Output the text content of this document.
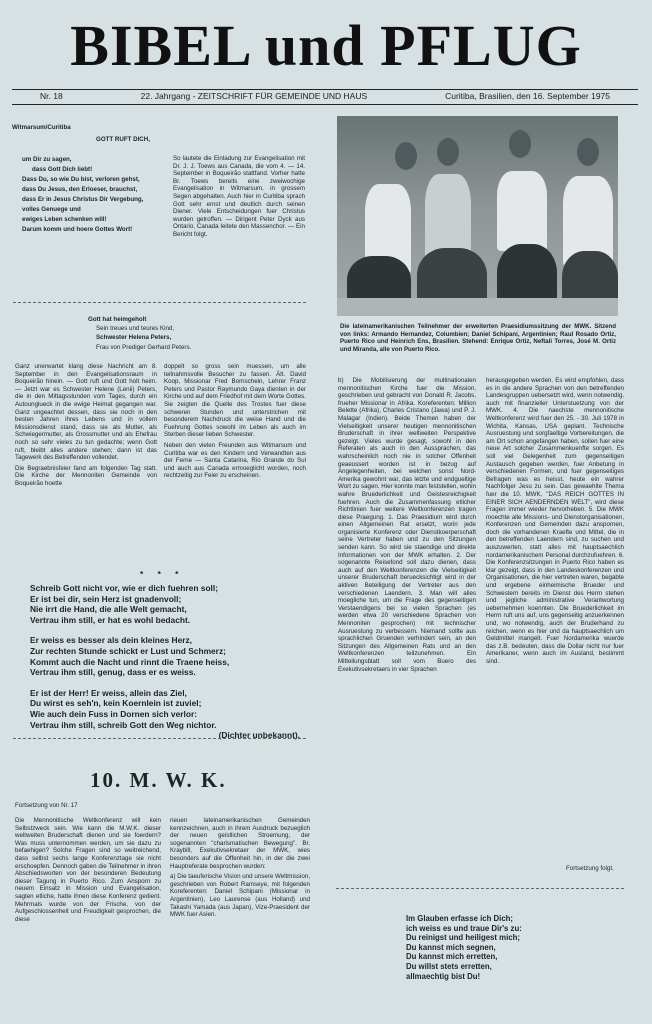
BIBEL und PFLUG
Nr. 18	22. Jahrgang - ZEITSCHRIFT FÜR GEMEINDE UND HAUS	Curitiba, Brasilien, den 16. September 1975
Witmarsum/Curitiba
GOTT RUFT DICH,
um Dir zu sagen,
dass Gott Dich liebt!
Dass Du, so wie Du bist, verloren gehst,
dass Du Jesus, den Erloeser, brauchst,
dass Er in Jesus Christus Dir Vergebung,
volles Genuege und
ewiges Leben schenken will!
Darum komm und hoere Gottes Wort!
So lautete die Einladung zur Evangelisation mit Dr. J. J. Toews aus Canada, die vom 4. — 14. September in Boqueirão stattfand. Vorher hatte Br. Toews bereits eine zweiwochige Evangelisation in Witmarsum, in grossem Segen abgehalten. Auch hier in Curitiba sprach Gott sehr ernst und deutlich durch seinen Diener. Viele Entscheidungen fuer Christus wurden getroffen. — Dirigent Peter Dyck aus Ontario, Canada leitete den Massenchor. — Ein Bericht folgt.
Die lateinamerikanischen Teilnehmer der erweiterten Praesidiumssitzung der MWK. Sitzend von links: Armando Hernandez, Columbien; Daniel Schipani, Argentinien; Raul Rosado Ortiz, Puerto Rico und Heinrich Ens, Brasilien. Stehend: Enrique Ortiz, Neftali Torres, José M. Ortiz und Miranda, alle von Puerto Rico.
Gott hat heimgeholt
Sein treues und teures Kind,
Schwester Helena Peters,
Frau von Prediger Gerhard Peters.

Ganz unerwartet klang diese Nachricht am 8. September in den Evangelisationsraum in Boqueirão hinein. — Gott ruft und Gott holt heim. — Jetzt war es Schwester Helene (Lenii) Peters, die in den Mittagsstunden vom Tages, durch ein Autounglueck in die ewige Heimat gegangen war. Ganz ungeachtet dessen, dass sie noch in den besten Jahren ihres Lebens und in vollem Missionsdienst stand, dass sie als Mutter, als Schwiegermutter, als Grossmutter und als Ehefrau noch so sehr vieles zu tun gedachte; wenn Gott ruft, bleibt alles andere stehen; dann ist das Tagewerk des Betreffenden vollendet.

Die Begraebnisfeier fand am folgenden Tag statt. Die Kirche der Mennoniten Gemeinde von Boqueirão hoette

doppelt so gross sein muessen, um alle teilnahmsvolle Besucher zu fassen. Ält. David Koop, Missionar Fred Bornschein, Lehrer Franz Peters und Pastor Raymundo Gaya dienten in der Kirche und auf dem Friedhof mit dem Worte Gottes. Sie zeigten die Quelle des Trostes fuer diese schweren Stunden und unterstrichen mit besonderem Nachdruck die weise Hand und die Fuehrung Gottes sowohl im Leben als auch im Sterben dieser lieben Schwester.

Neben den vielen Freunden aus Witmarsum und Curitiba war es den Kindern und Verwandten aus der Ferne — Santa Catarina, Rio Grande do Sul und auch aus Canada ermoeglicht worden, noch rechtzeitig zur Feier zu erscheinen.

* * *
Schreib Gott nicht vor, wie er dich fuehren soll;
Er ist bei dir, sein Herz ist gnadenvoll;
Nie irrt die Hand, die alle Welt gemacht,
Vertrau ihm still, er hat es wohl bedacht.
Er weiss es besser als dein kleines Herz,
Zur rechten Stunde schickt er Lust und Schmerz;
Kommt auch die Nacht und rinnt die Traene heiss,
Vertrau ihm still, genug, dass er es weiss.
Er ist der Herr! Er weiss, allein das Ziel,
Du wirst es seh'n, kein Koernlein ist zuviel;
Wie auch dein Fuss in Dornen sich verlor:
Vertrau ihm still, schreib Gott den Weg nichtor.
(Dichter unbekannt).
10. M. W. K.
Fortsetzung von Nr. 17
Die Mennonitische Weltkonferenz will kein Selbstzweck sein. Wie kann die M.W.K. dieser weltweiten Bruderschaft dienen und sie foerdern? Was muss unternommen werden, um sie dazu zu befaehigen? Solche Fragen sind so weitreichend, dass selbst sechs lange Konferenztage sie nicht erschoepfen. Dennoch gaben die Teilnehmer in ihren Abschiedsworten von der besonderen Bedeutung dieser Tagung in Puerto Rico. Zum Ansporn zu neuem Einsatz in Mission und Evangelisation, sagten etliche, hatte ihnen diese Konferenz gedient. Mehrmals wurde von der Frische, von der Aufgeschlossenheit und Freudigkeit gesprochen, die diese

neuen lateinamerikanischen Gemeinden kennzeichnen, auch in ihrem Ausdruck bezueglich der neuen geistlichen Stroemung, der sogenannten "charismatischen Bewegung". Br. Kraybill, Exekutivsekretaer der MWK, wies besonders auf die Offenheit hin, in der die zwei Hauptreferate besprochen wurden:

a) Die taeuferische Vision und unsere Weltmission, geschrieben von Robert Ramseye, mit folgenden Koreferenten: Daniel Schipani (Missionar in Argentinien), Leo Laurense (aus Holland) und Takashi Yamada (aus Japan), Vize-Praesident der MWK fuer Asien.

b) Die Mobilisierung der multinationalen mennonitischen Kirche fuer die Mission, geschrieben und gebracht von Donald R. Jacobs, frueher Missionar in Afrika. Koreferenten: Million Belette (Afrika), Charles Cristano (Jawa) und P. J. Malagar (Indien). Beide Themen haben der Vielseitigkeit unserer heutigen mennonitischen Bruderschaft in ihrer weltweiten Perspektive gezeigt. Vieles wurde gesagt, sowohl in den Referaten als auch in den Aussprachen, das wahrscheinlich noch nie in solcher Offenheit geaeussert worden ist in bezug auf Angelegenheiten, bei welchen sonst Nord-Amerika gewohnt war, das letzte und endgueltige Wort zu sagen. Hier konnte man feststellen, wohin wahre Bruederlichkeit und Geistesreichigkeit fuehren. Auch die Zusammenfassung etlicher Richtlinien fuer weitere Weltkonferenzen tragen diese Praegung. 1. Das Praesidium wird durch einen Allgemeinen Rat ersetzt, worin jede organisierte Konferenz oder Dienstkoerperschaft seine Vertreter haben und zu den Sitzungen senden kann. So wird sie staendige und direkte Informationen von der MWK erhalten. 2. Der sogenannte Reisefond soll dazu dienen, dass auch auf den Weltkonferenzen die Vielseitigkeit unserer Bruderschaft beruecksichtigt wird in der aktiven Beteiligung der Vertreter aus den verschiedenen Laendern. 3. Man will alles moegliche tun, um die Frage des gegenseitigen Verstaendigens bei so vielen Sprachen (es werden etwa 20 verschiedene Sprachen von Mennoniten gesprochen) mit technischer Ausruestung zu verbessern. Niemand sollte aus sprachlichen Gruenden verhindert sein, an den Sitzungen des Allgemeinen Rats und an den Weltkonferenzen teilzunehmen. Ein Mitteilungsblatt soll vom Buero des Exekutivsekretaers in vier Sprachen
herausgegeben werden. Es wird empfohlen, dass es in die andere Sprachen von den betreffenden Landesgruppen uebersetzt wird, wenn notwendig, auch mit finanzieller Unterstuetzung von der MWK. 4. Die naechste mennonitische Weltkonferenz wird fuer den 25. - 30. Juli 1978 in Wichita, Kansas, USA geplant. Technische Ausruestung und sorgfaeltige Vorbereitungen, die am Ort schon angefangen haben, sollen fuer eine neue Art solcher Zusammenkuenfte sorgen. Es soll viel Gelegenheit zum gegenseitigen Austausch gegeben werden, fuer Anbetung in verschiedenen Formen, und fuer gegenseitiges Befragen was es heisst, heute ein wahrer Nachfolger Jesu zu sein. Das gewaehlte Thema fuer die 10. MWK, "DAS REICH GOTTES IN EINER SICH AENDERNDEN WELT", wird diese Fragen immer wieder hervorheben. 5. Die MWK moechte alle Missions- und Dienstorganisationen, Konferenzen und Gemeinden dazu anspornen, doch die vorhandenen Kraefte und Mittel, die in den betreffenden Laendern sind, zu suchen und auszuwerten, statt alles mit hauptsaechlich nordamerikanischem Personal durchzufuehren. 6. Die Konferenzsitzungen in Puerto Rico haben es klar gezeigt, dass in den Landeskonferenzen und Organisationen, die hier vertreten waren, begabte und ergebene einheimische Brueder und Schwestern bereits im Dienst des Herrn stehen und jegliche administrative Verantwortung uebernehmen koennten. Die Bruederlichkeit im Herrn ruft uns auf, uns gegenseitig anzuerkennen und, wo notwendig, auch der Bruderhand zu reichen, wenn es hier und da hauptsaechlich um Geldmittel mangelt. Fuer Nordamerika wuerde das z.B. bedeuten, dass die Dollar nicht nur fuer Amerikaner, wenn auch im Ausland, bestimmt sind.
Fortsetzung folgt.
Im Glauben erfasse ich Dich;
ich weiss es und traue Dir's zu:
Du reinigst und heiligest mich;
Du kannst mich segnen,
Du kannst mich erretten,
Du willst stets erretten,
allmaechtig bist Du!
